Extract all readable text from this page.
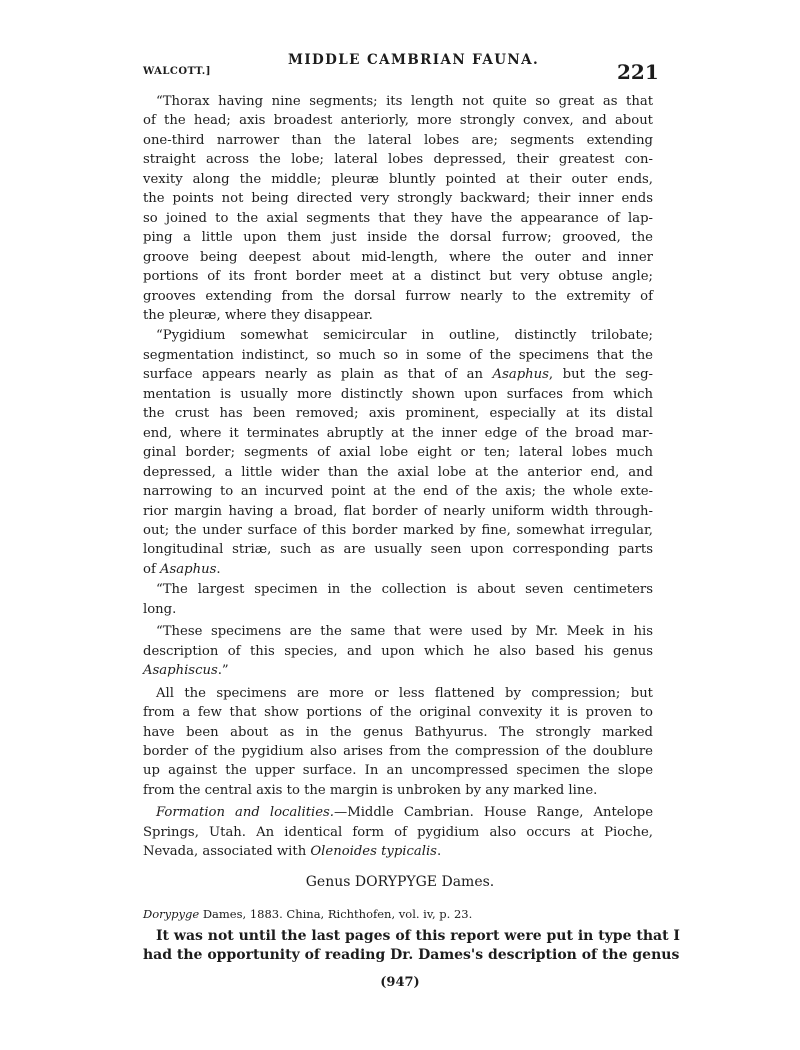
WALCOTT.]
MIDDLE CAMBRIAN FAUNA.	221

“Thorax having nine segments; its length not quite so great as that
of the head; axis broadest anteriorly, more strongly convex, and about
one-third narrower than the lateral lobes are; segments extending
straight across the lobe; lateral lobes depressed, their greatest con-
vexity along the middle; pleuræ bluntly pointed at their outer ends,
the points not being directed very strongly backward; their inner ends
so joined to the axial segments that they have the appearance of lap-
ping a little upon them just inside the dorsal furrow; grooved, the
groove being deepest about mid-length, where the outer and inner
portions of its front border meet at a distinct but very obtuse angle;
grooves extending from the dorsal furrow nearly to the extremity of
the pleuræ, where they disappear.

“Pygidium somewhat semicircular in outline, distinctly trilobate;
segmentation indistinct, so much so in some of the specimens that the
surface appears nearly as plain as that of an Asaphus, but the seg-
mentation is usually more distinctly shown upon surfaces from which
the crust has been removed; axis prominent, especially at its distal
end, where it terminates abruptly at the inner edge of the broad mar-
ginal border; segments of axial lobe eight or ten; lateral lobes much
depressed, a little wider than the axial lobe at the anterior end, and
narrowing to an incurved point at the end of the axis; the whole exte-
rior margin having a broad, flat border of nearly uniform width through-
out; the under surface of this border marked by fine, somewhat irregular,
longitudinal striæ, such as are usually seen upon corresponding parts
of Asaphus.

“The largest specimen in the collection is about seven centimeters
long.

“These specimens are the same that were used by Mr. Meek in his
description of this species, and upon which he also based his genus
Asaphiscus.”

All the specimens are more or less flattened by compression; but
from a few that show portions of the original convexity it is proven to
have been about as in the genus Bathyurus. The strongly marked
border of the pygidium also arises from the compression of the doublure
up against the upper surface. In an uncompressed specimen the slope
from the central axis to the margin is unbroken by any marked line.

Formation and localities.—Middle Cambrian. House Range, Antelope
Springs, Utah. An identical form of pygidium also occurs at Pioche,
Nevada, associated with Olenoides typicalis.

Genus DORYPYGE Dames.
Dorypyge Dames, 1883. China, Richthofen, vol. iv, p. 23.
It was not until the last pages of this report were put in type that I
had the opportunity of reading Dr. Dames's description of the genus
(947)
